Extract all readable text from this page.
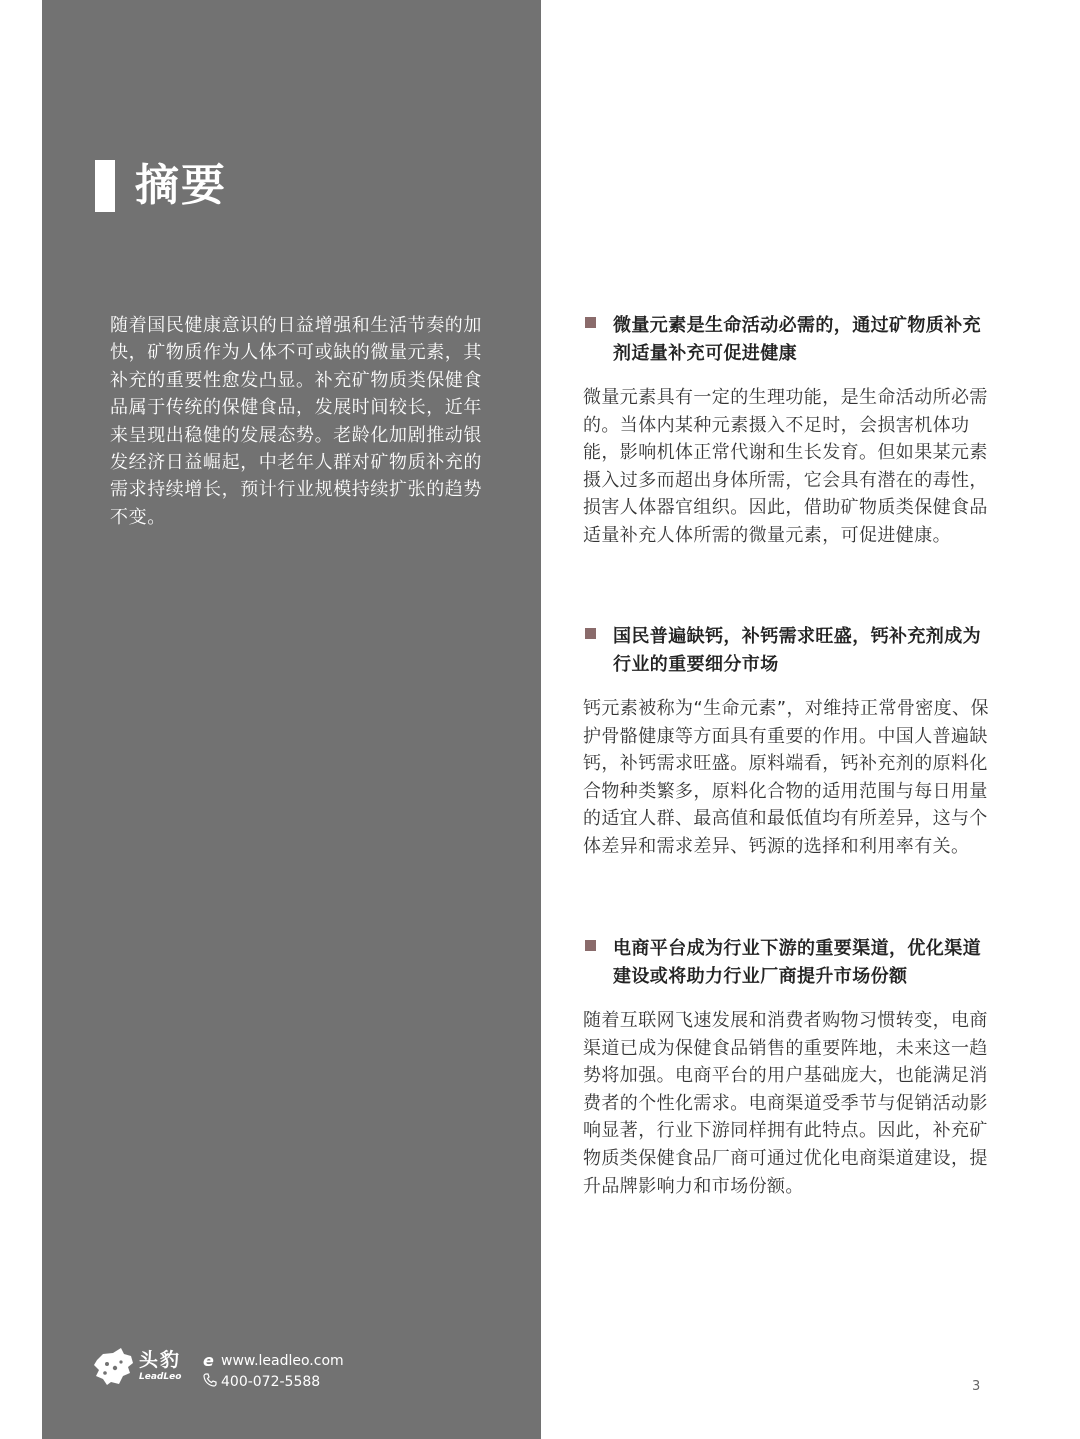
摘要

随着国民健康意识的日益增强和生活节奏的加快，矿物质作为人体不可或缺的微量元素，其补充的重要性愈发凸显。补充矿物质类保健食品属于传统的保健食品，发展时间较长，近年来呈现出稳健的发展态势。老龄化加剧推动银发经济日益崛起，中老年人群对矿物质补充的需求持续增长，预计行业规模持续扩张的趋势不变。

微量元素是生命活动必需的，通过矿物质补充剂适量补充可促进健康

微量元素具有一定的生理功能，是生命活动所必需的。当体内某种元素摄入不足时，会损害机体功能，影响机体正常代谢和生长发育。但如果某元素摄入过多而超出身体所需，它会具有潜在的毒性，损害人体器官组织。因此，借助矿物质类保健食品适量补充人体所需的微量元素，可促进健康。

国民普遍缺钙，补钙需求旺盛，钙补充剂成为行业的重要细分市场

钙元素被称为“生命元素”，对维持正常骨密度、保护骨骼健康等方面具有重要的作用。中国人普遍缺钙，补钙需求旺盛。原料端看，钙补充剂的原料化合物种类繁多，原料化合物的适用范围与每日用量的适宜人群、最高值和最低值均有所差异，这与个体差异和需求差异、钙源的选择和利用率有关。

电商平台成为行业下游的重要渠道，优化渠道建设或将助力行业厂商提升市场份额

随着互联网飞速发展和消费者购物习惯转变，电商渠道已成为保健食品销售的重要阵地，未来这一趋势将加强。电商平台的用户基础庞大，也能满足消费者的个性化需求。电商渠道受季节与促销活动影响显著，行业下游同样拥有此特点。因此，补充矿物质类保健食品厂商可通过优化电商渠道建设，提升品牌影响力和市场份额。

头豹
LeadLeo
e www.leadleo.com
400-072-5588	3
